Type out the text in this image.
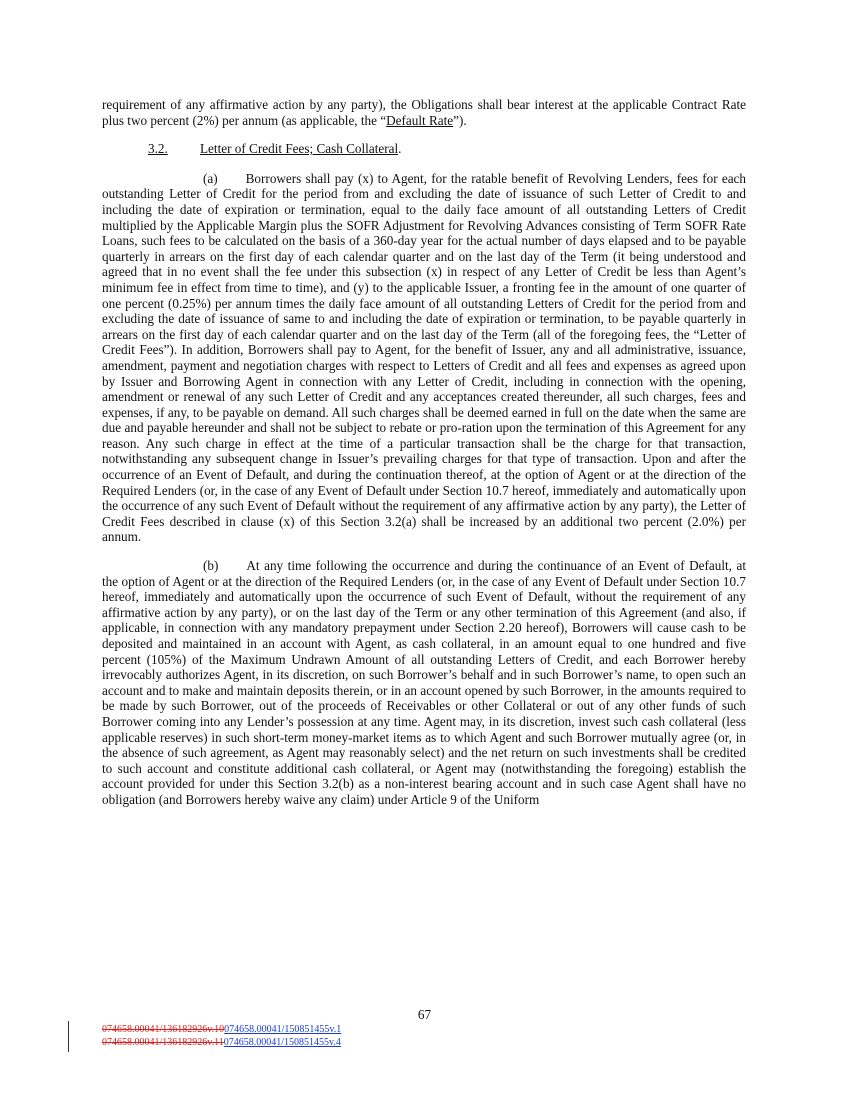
requirement of any affirmative action by any party), the Obligations shall bear interest at the applicable Contract Rate plus two percent (2%) per annum (as applicable, the “Default Rate”).

3.2. Letter of Credit Fees; Cash Collateral.

(a) Borrowers shall pay (x) to Agent, for the ratable benefit of Revolving Lenders, fees for each outstanding Letter of Credit for the period from and excluding the date of issuance of such Letter of Credit to and including the date of expiration or termination, equal to the daily face amount of all outstanding Letters of Credit multiplied by the Applicable Margin plus the SOFR Adjustment for Revolving Advances consisting of Term SOFR Rate Loans, such fees to be calculated on the basis of a 360-day year for the actual number of days elapsed and to be payable quarterly in arrears on the first day of each calendar quarter and on the last day of the Term (it being understood and agreed that in no event shall the fee under this subsection (x) in respect of any Letter of Credit be less than Agent’s minimum fee in effect from time to time), and (y) to the applicable Issuer, a fronting fee in the amount of one quarter of one percent (0.25%) per annum times the daily face amount of all outstanding Letters of Credit for the period from and excluding the date of issuance of same to and including the date of expiration or termination, to be payable quarterly in arrears on the first day of each calendar quarter and on the last day of the Term (all of the foregoing fees, the “Letter of Credit Fees”). In addition, Borrowers shall pay to Agent, for the benefit of Issuer, any and all administrative, issuance, amendment, payment and negotiation charges with respect to Letters of Credit and all fees and expenses as agreed upon by Issuer and Borrowing Agent in connection with any Letter of Credit, including in connection with the opening, amendment or renewal of any such Letter of Credit and any acceptances created thereunder, all such charges, fees and expenses, if any, to be payable on demand. All such charges shall be deemed earned in full on the date when the same are due and payable hereunder and shall not be subject to rebate or pro-ration upon the termination of this Agreement for any reason. Any such charge in effect at the time of a particular transaction shall be the charge for that transaction, notwithstanding any subsequent change in Issuer’s prevailing charges for that type of transaction. Upon and after the occurrence of an Event of Default, and during the continuation thereof, at the option of Agent or at the direction of the Required Lenders (or, in the case of any Event of Default under Section 10.7 hereof, immediately and automatically upon the occurrence of any such Event of Default without the requirement of any affirmative action by any party), the Letter of Credit Fees described in clause (x) of this Section 3.2(a) shall be increased by an additional two percent (2.0%) per annum.

(b) At any time following the occurrence and during the continuance of an Event of Default, at the option of Agent or at the direction of the Required Lenders (or, in the case of any Event of Default under Section 10.7 hereof, immediately and automatically upon the occurrence of such Event of Default, without the requirement of any affirmative action by any party), or on the last day of the Term or any other termination of this Agreement (and also, if applicable, in connection with any mandatory prepayment under Section 2.20 hereof), Borrowers will cause cash to be deposited and maintained in an account with Agent, as cash collateral, in an amount equal to one hundred and five percent (105%) of the Maximum Undrawn Amount of all outstanding Letters of Credit, and each Borrower hereby irrevocably authorizes Agent, in its discretion, on such Borrower’s behalf and in such Borrower’s name, to open such an account and to make and maintain deposits therein, or in an account opened by such Borrower, in the amounts required to be made by such Borrower, out of the proceeds of Receivables or other Collateral or out of any other funds of such Borrower coming into any Lender’s possession at any time. Agent may, in its discretion, invest such cash collateral (less applicable reserves) in such short-term money-market items as to which Agent and such Borrower mutually agree (or, in the absence of such agreement, as Agent may reasonably select) and the net return on such investments shall be credited to such account and constitute additional cash collateral, or Agent may (notwithstanding the foregoing) establish the account provided for under this Section 3.2(b) as a non-interest bearing account and in such case Agent shall have no obligation (and Borrowers hereby waive any claim) under Article 9 of the Uniform

67
074658.00041/136182926v.10074658.00041/150851455v.1
074658.00041/136182926v.11074658.00041/150851455v.4
